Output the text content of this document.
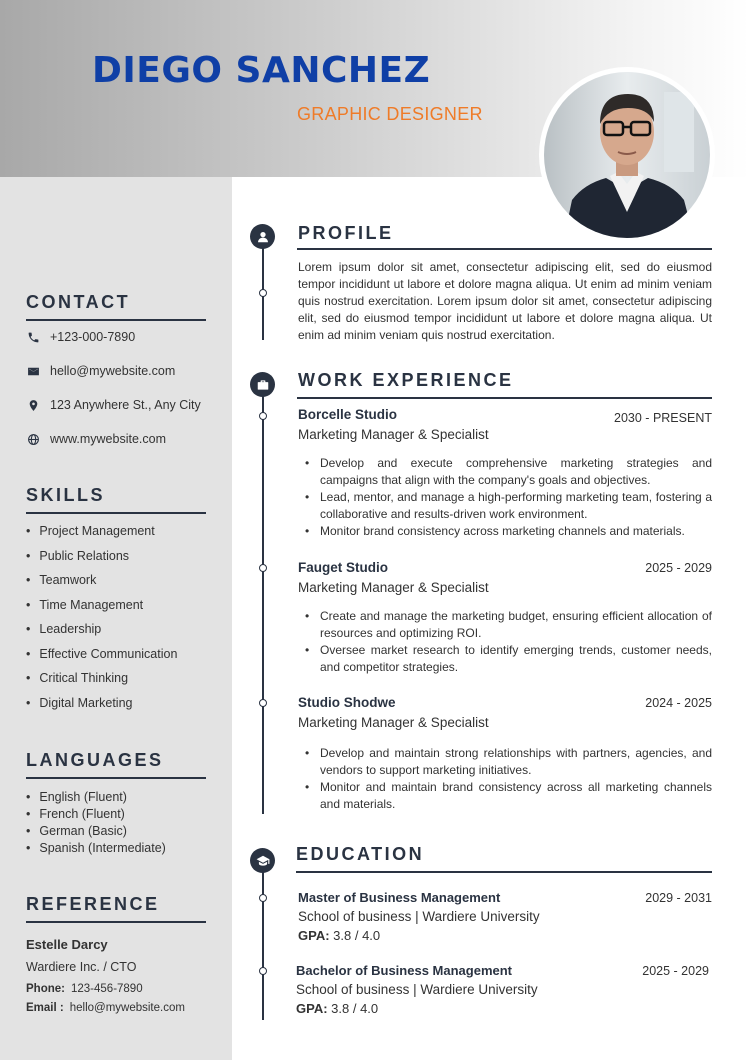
DIEGO SANCHEZ
GRAPHIC DESIGNER
CONTACT
+123-000-7890
hello@mywebsite.com
123 Anywhere St., Any City
www.mywebsite.com
SKILLS
• Project Management
• Public Relations
• Teamwork
• Time Management
• Leadership
• Effective Communication
• Critical Thinking
• Digital Marketing
LANGUAGES
• English (Fluent)
• French (Fluent)
• German (Basic)
• Spanish (Intermediate)
REFERENCE
Estelle Darcy
Wardiere Inc. / CTO
Phone: 123-456-7890
Email : hello@mywebsite.com
PROFILE
Lorem ipsum dolor sit amet, consectetur adipiscing elit, sed do eiusmod tempor incididunt ut labore et dolore magna aliqua. Ut enim ad minim veniam quis nostrud exercitation. Lorem ipsum dolor sit amet, consectetur adipiscing elit, sed do eiusmod tempor incididunt ut labore et dolore magna aliqua. Ut enim ad minim veniam quis nostrud exercitation.
WORK EXPERIENCE
Borcelle Studio	2030 - PRESENT
Marketing Manager & Specialist
• Develop and execute comprehensive marketing strategies and campaigns that align with the company's goals and objectives.
• Lead, mentor, and manage a high-performing marketing team, fostering a collaborative and results-driven work environment.
• Monitor brand consistency across marketing channels and materials.
Fauget Studio	2025 - 2029
Marketing Manager & Specialist
• Create and manage the marketing budget, ensuring efficient allocation of resources and optimizing ROI.
• Oversee market research to identify emerging trends, customer needs, and competitor strategies.
Studio Shodwe	2024 - 2025
Marketing Manager & Specialist
• Develop and maintain strong relationships with partners, agencies, and vendors to support marketing initiatives.
• Monitor and maintain brand consistency across all marketing channels and materials.
EDUCATION
Master of Business Management	2029 - 2031
School of business | Wardiere University
GPA: 3.8 / 4.0
Bachelor of Business Management	2025 - 2029
School of business | Wardiere University
GPA: 3.8 / 4.0
